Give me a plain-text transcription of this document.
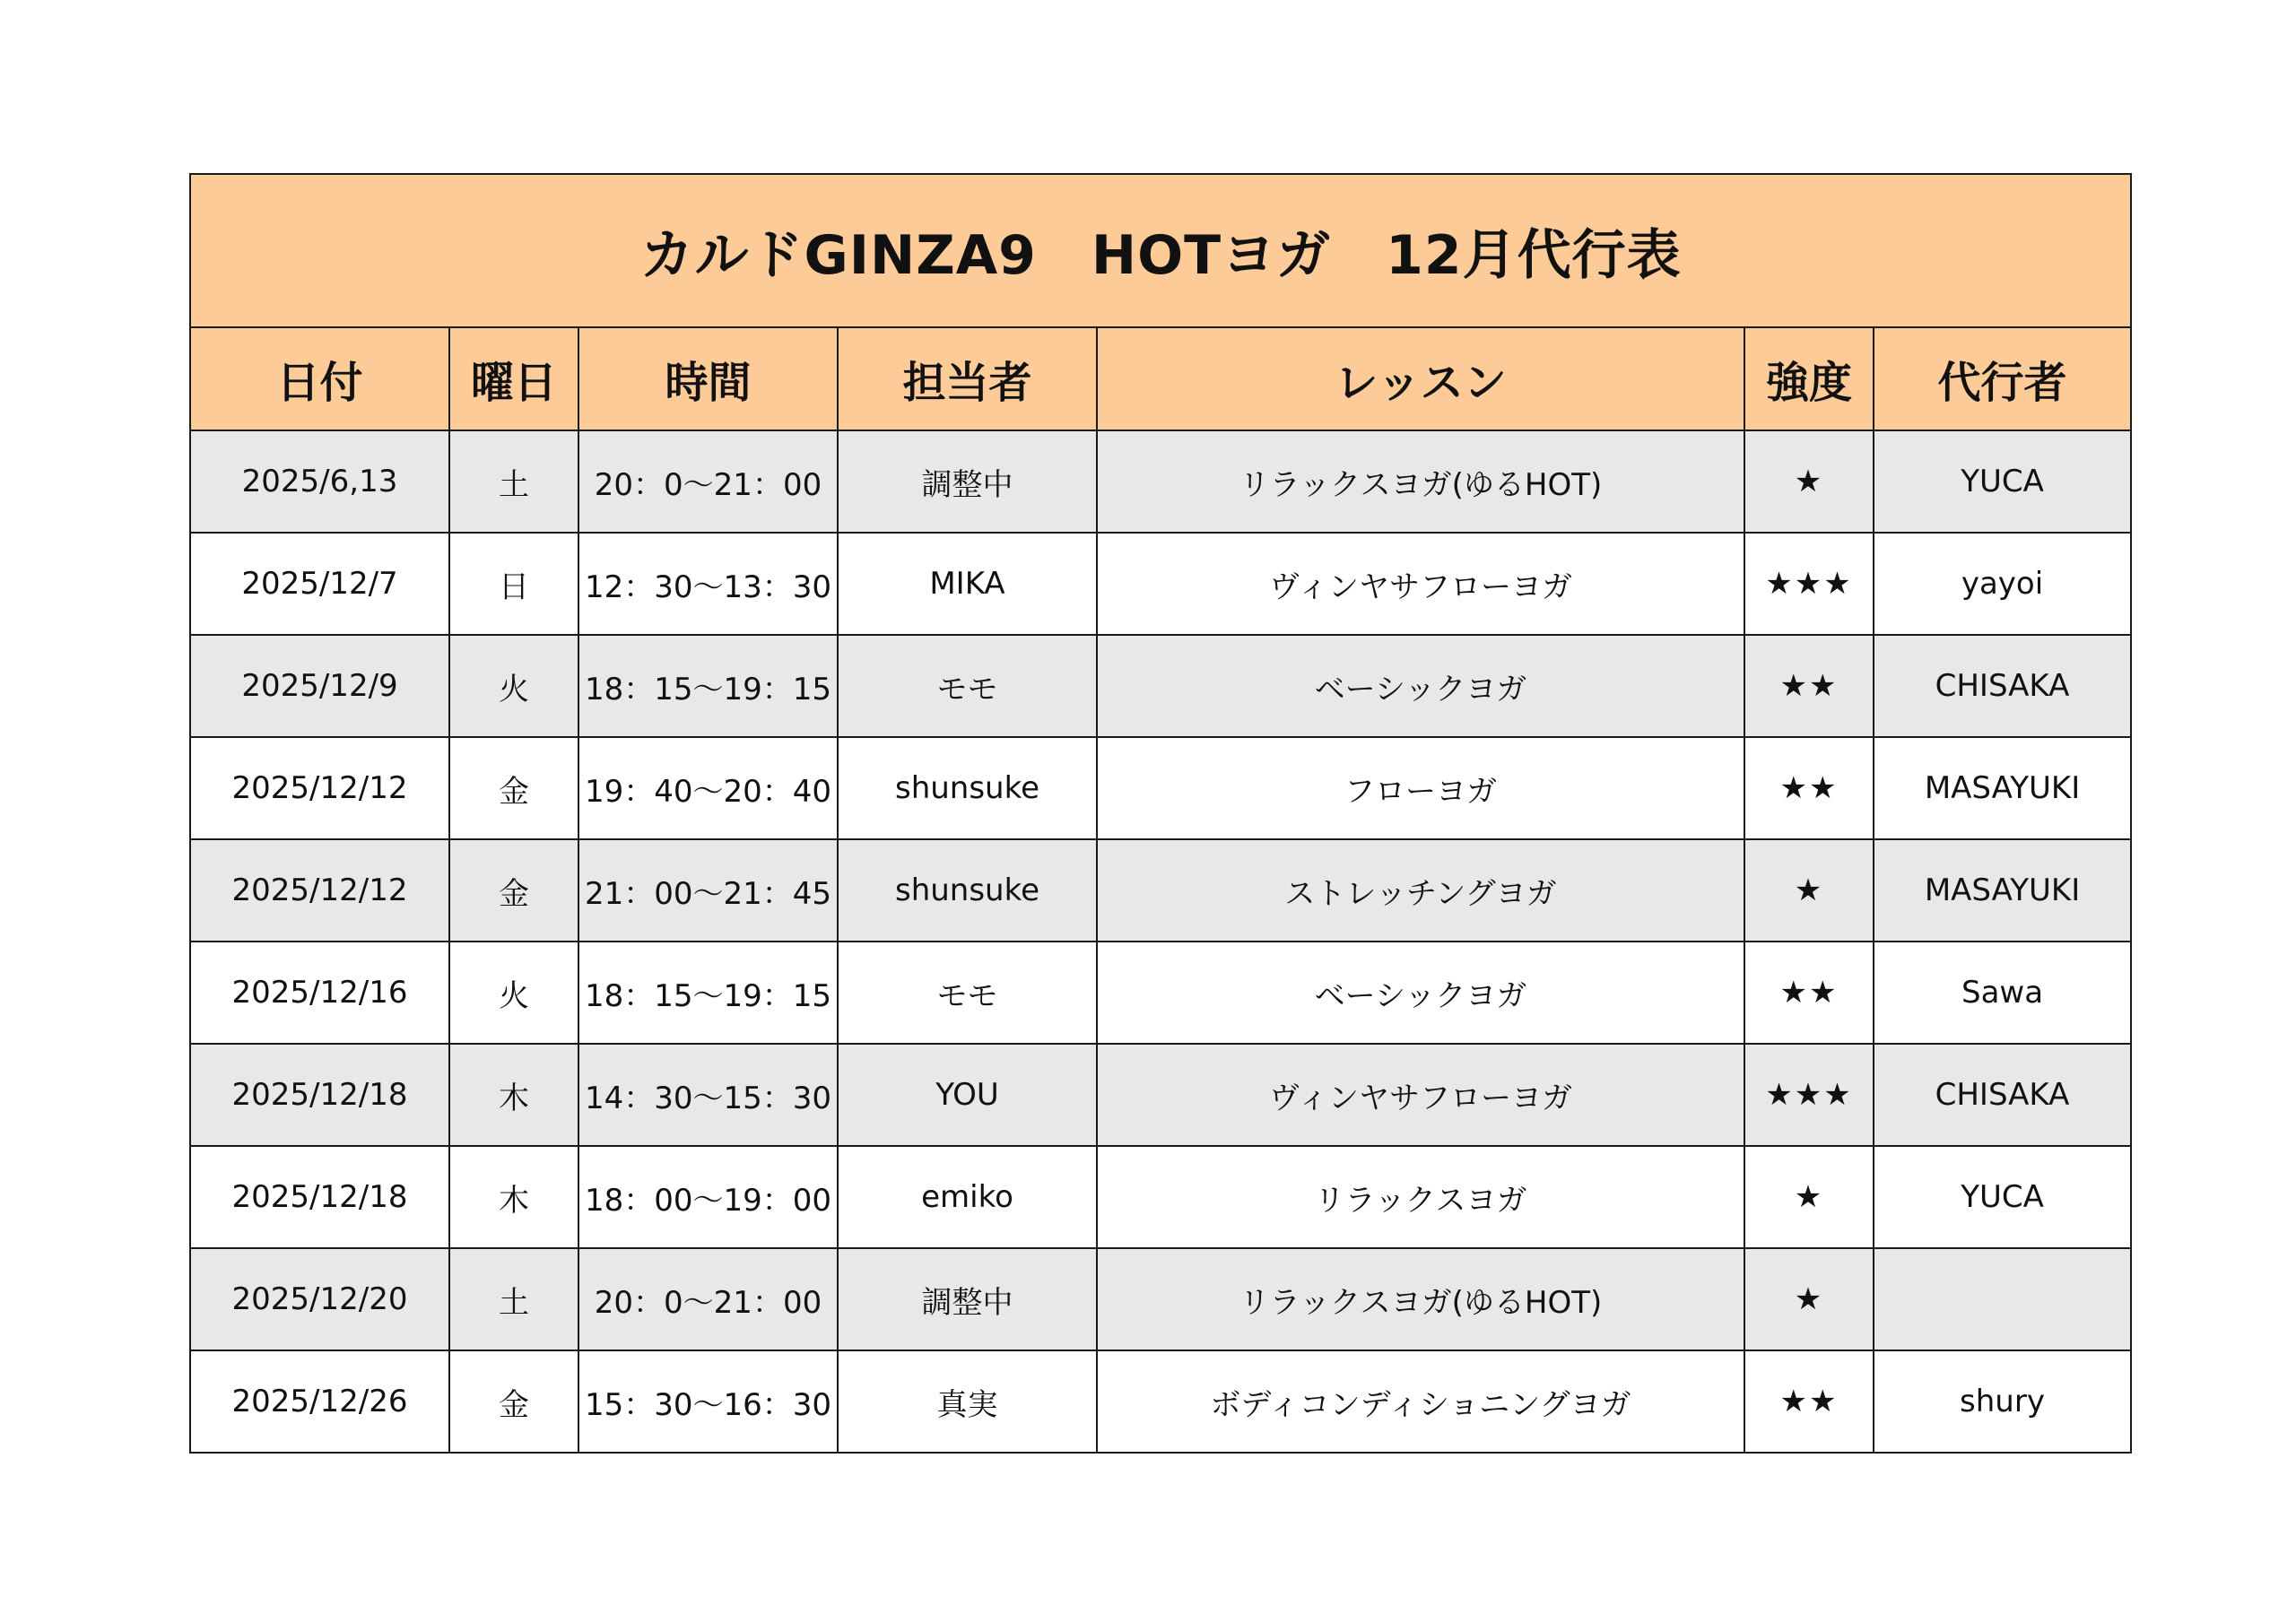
カルドGINZA9　HOTヨガ　12月代行表						
日付	曜日	時間	担当者	レッスン	強度	代行者
2025/6,13	土	20：0～21：00	調整中	リラックスヨガ(ゆるHOT)	★	YUCA
2025/12/7	日	12：30～13：30	MIKA	ヴィンヤサフローヨガ	★★★	yayoi
2025/12/9	火	18：15～19：15	モモ	ベーシックヨガ	★★	CHISAKA
2025/12/12	金	19：40～20：40	shunsuke	フローヨガ	★★	MASAYUKI
2025/12/12	金	21：00～21：45	shunsuke	ストレッチングヨガ	★	MASAYUKI
2025/12/16	火	18：15～19：15	モモ	ベーシックヨガ	★★	Sawa
2025/12/18	木	14：30～15：30	YOU	ヴィンヤサフローヨガ	★★★	CHISAKA
2025/12/18	木	18：00～19：00	emiko	リラックスヨガ	★	YUCA
2025/12/20	土	20：0～21：00	調整中	リラックスヨガ(ゆるHOT)	★	
2025/12/26	金	15：30～16：30	真実	ボディコンディショニングヨガ	★★	shury
